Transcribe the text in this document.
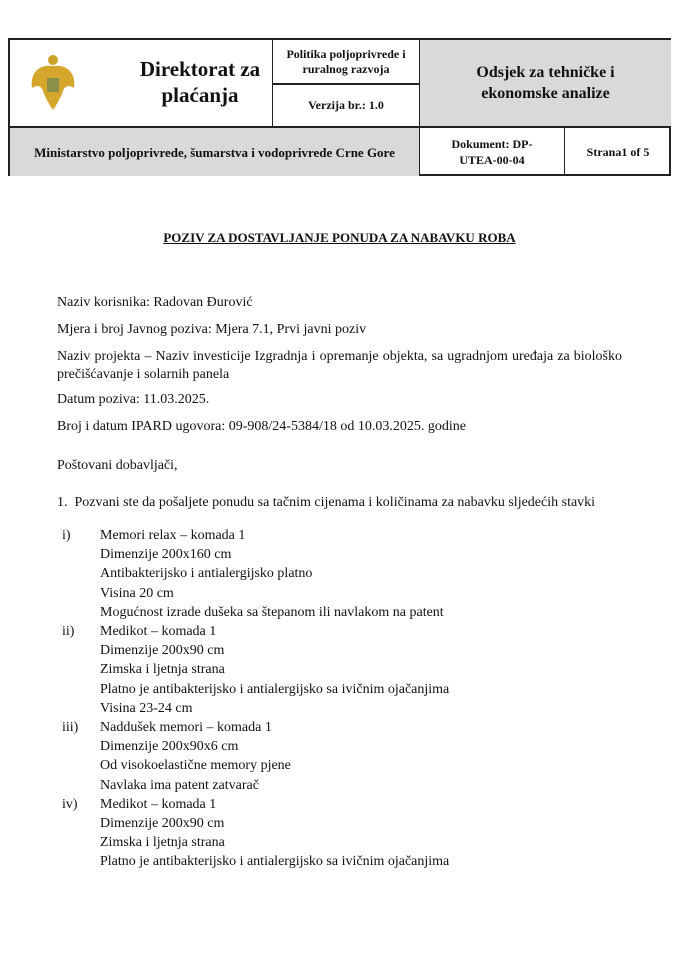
Direktorat za plaćanja
Politika poljoprivrede i ruralnog razvoja
Verzija br.: 1.0
Odsjek za tehničke i ekonomske analize
Ministarstvo poljoprivrede, šumarstva i vodoprivrede Crne Gore
Dokument: DP-UTEA-00-04
Strana1 of 5
POZIV ZA DOSTAVLJANJE PONUDA ZA NABAVKU ROBA
Naziv korisnika: Radovan Đurović
Mjera i broj Javnog poziva: Mjera 7.1, Prvi javni poziv
Naziv projekta – Naziv investicije Izgradnja i opremanje objekta, sa ugradnjom uređaja za biološko prečišćavanje i solarnih panela
Datum poziva: 11.03.2025.
Broj i datum IPARD ugovora: 09-908/24-5384/18 od 10.03.2025. godine
Poštovani dobavljači,
1.  Pozvani ste da pošaljete ponudu sa tačnim cijenama i količinama za nabavku sljedećih stavki
i) Memori relax – komada 1
Dimenzije 200x160 cm
Antibakterijsko i antialergijsko platno
Visina 20 cm
Mogućnost izrade dušeka sa štepanom ili navlakom na patent
ii) Medikot – komada 1
Dimenzije 200x90 cm
Zimska i ljetnja strana
Platno je antibakterijsko i antialergijsko sa ivičnim ojačanjima
Visina 23-24 cm
iii) Naddušek memori – komada 1
Dimenzije 200x90x6 cm
Od visokoelastične memory pjene
Navlaka ima patent zatvarač
iv) Medikot – komada 1
Dimenzije 200x90 cm
Zimska i ljetnja strana
Platno je antibakterijsko i antialergijsko sa ivičnim ojačanjima
